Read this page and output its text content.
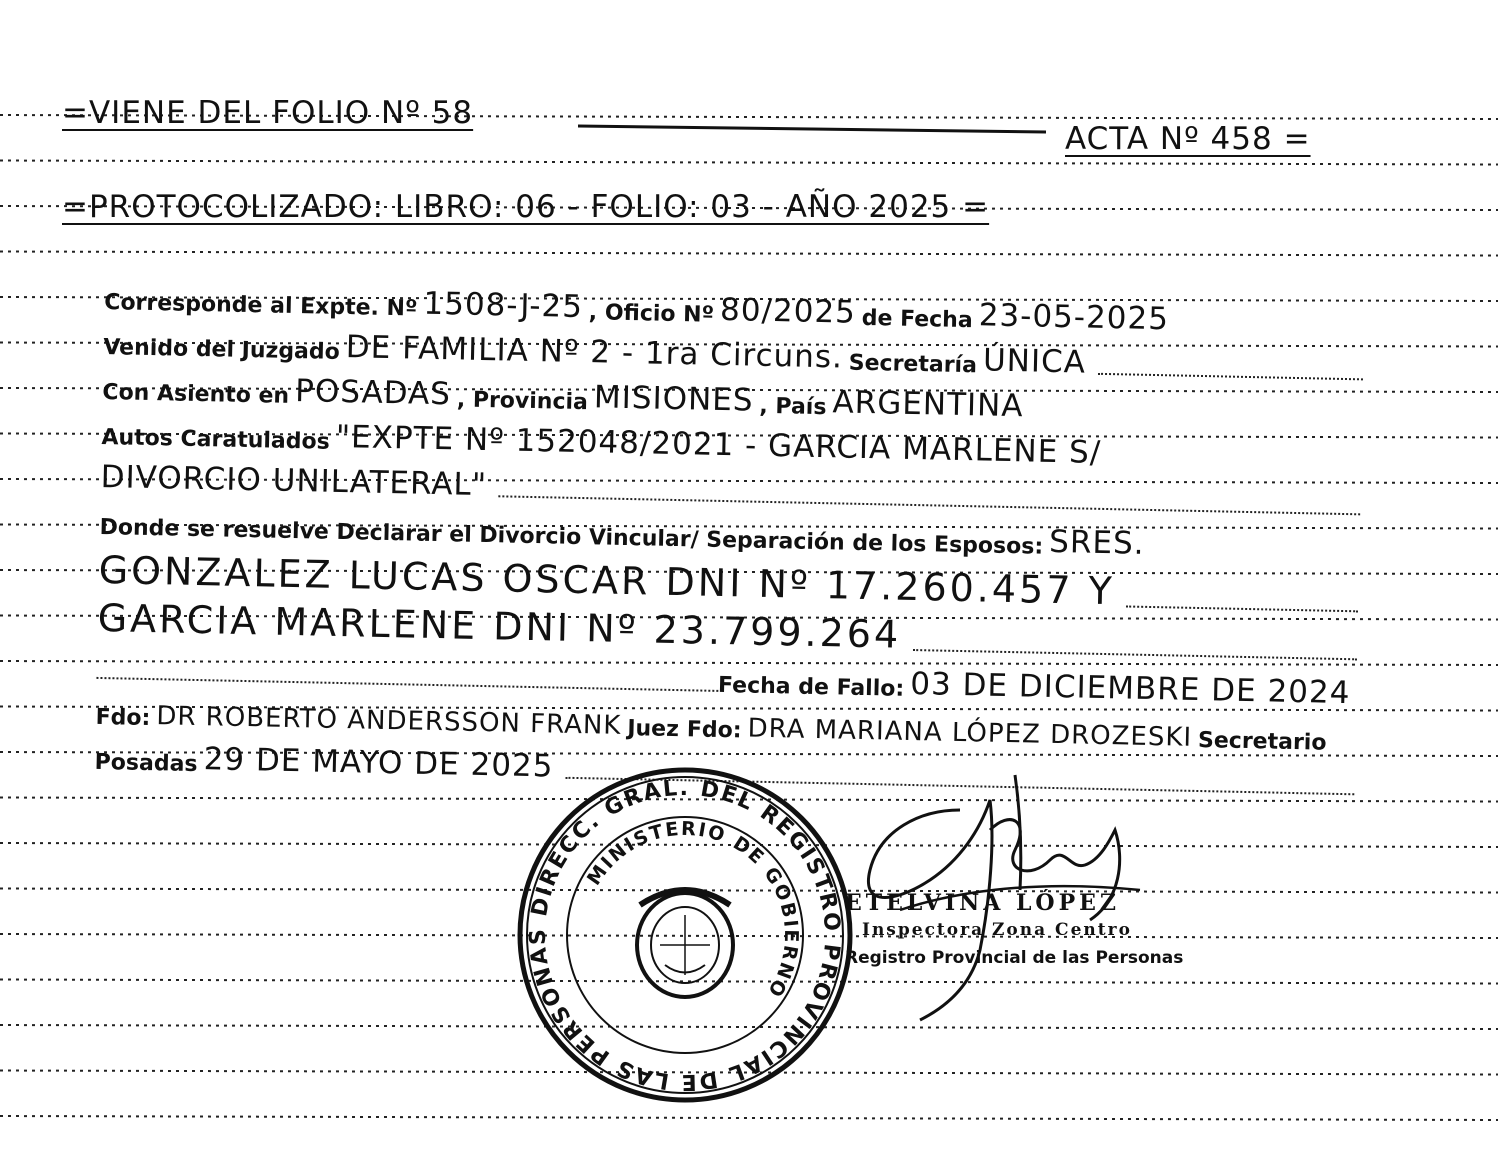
=VIENE DEL FOLIO Nº 58
ACTA Nº 458 =
=PROTOCOLIZADO: LIBRO: 06 - FOLIO: 03 - AÑO 2025 =
Corresponde al Expte. Nº 1508-J-25 , Oficio Nº 80/2025 de Fecha 23-05-2025
Venido del Juzgado DE FAMILIA Nº 2 - 1ra Circuns. Secretaría ÚNICA
Con Asiento en POSADAS , Provincia MISIONES , País ARGENTINA
Autos Caratulados "EXPTE Nº 152048/2021 - GARCIA MARLENE S/
DIVORCIO UNILATERAL"
Donde se resuelve Declarar el Divorcio Vincular/ Separación de los Esposos: SRES.
GONZALEZ LUCAS OSCAR DNI Nº 17.260.457 Y
GARCIA MARLENE DNI Nº 23.799.264
Fecha de Fallo: 03 DE DICIEMBRE DE 2024
Fdo: DR ROBERTO ANDERSSON FRANK Juez Fdo: DRA MARIANA LÓPEZ DROZESKI Secretario
Posadas 29 DE MAYO DE 2025
DIRECC. GRAL. DEL REGISTRO PROVINCIAL DE LAS PERSONAS
MINISTERIO DE GOBIERNO
ETELVINA LÓPEZ
Inspectora Zona Centro
Registro Provincial de las Personas
